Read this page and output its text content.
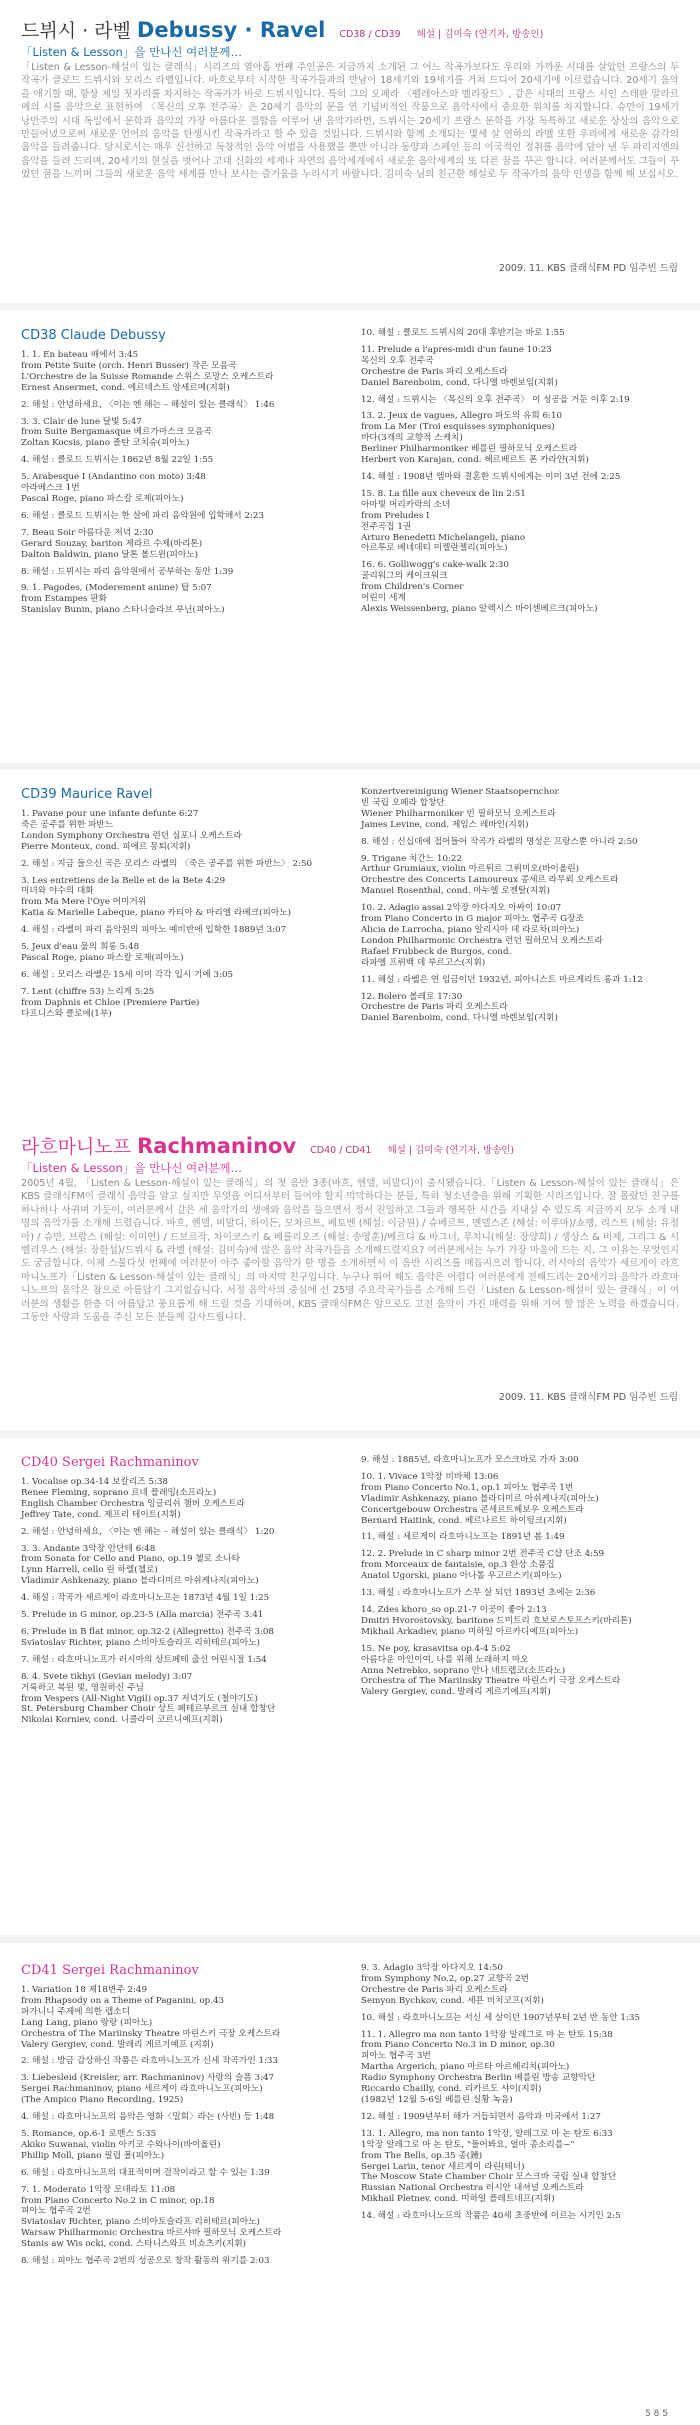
드뷔시 · 라벨 Debussy · Ravel CD38 / CD39 해설 | 김미숙 (연기자, 방송인)
「Listen & Lesson」을 만나신 여러분께…

「Listen & Lesson-해설이 있는 클래식」시리즈의 열아홉 번째 주인공은 지금까지 소개된 그 어느 작곡가보다도 우리와 가까운 시대를 살았던 프랑스의 두 작곡가 클로드 드뷔시와 모리스 라벨입니다. 바흐로부터 시작한 작곡가들과의 만남이 18세기와 19세기를 거쳐 드디어 20세기에 이르렀습니다. 20세기 음악을 애기할 때, 항상 제일 첫자리를 차지하는 작곡가가 바로 드뷔시입니다. 특히 그의 오페라 〈펠레아스와 멜리장드〉, 같은 시대의 프랑스 시인 스테판 말라르메의 시를 음악으로 표현하여 〈목신의 오후 전주곡〉은 20세기 음악의 문을 연 기념비적인 작품으로 음악사에서 중요한 위치를 차지합니다. 슈만이 19세기 낭만주의 시대 독일에서 문학과 음악의 가장 아름다운 결합을 이루어 낸 음악가라면, 드뷔시는 20세기 프랑스 문학을 가장 독특하고 새로운 상상의 음악으로 만들어냈으로써 새로운 언어의 음악을 탄생시킨 작곡가라고 할 수 있을 것입니다. 드뷔시와 함께 소개되는 몇세 살 연하의 라벨 또한 우리에게 새로운 감각의 음악을 들려줍니다. 당시로서는 매우 신선하고 독창적인 음악 어법을 사용했을 뿐만 아니라 동양과 스페인 등의 이국적인 정취를 음악에 담아 낸 두 파리지엔의 음악을 들려 드리며, 20세기의 현실을 벗어나 고대 신화의 세계나 자연의 음악세계에서 새로운 음악세계의 또 다른 꿈을 꾸곤 합니다. 여러분께서도 그들이 꾸었던 꿈을 느끼며 그들의 새로운 음악 세계를 만나 보시는 즐거움을 누리시기 바랍니다. 김미숙 님의 친근한 해설로 두 작곡가의 음악 인생을 함께 해 보십시오.

2009. 11. KBS 클래식FM PD 임주빈 드림
CD38 Claude Debussy
1. 1. En bateau 배에서 3:45
from Petite Suite (orch. Henri Busser) 작은 모음곡
L'Orchestre de la Suisse Romande 스위스 로망스 오케스트라
Ernest Ansermet, cond. 에르네스트 앙세르메(지휘)
2. 해설 : 안녕하세요, 〈이는 엔 해는 – 해설이 있는 클래식〉 1:46
3. 3. Clair de lune 달빛 5:47
from Suite Bergamasque 베르가마스크 모음곡
Zoltan Kocsis, piano 졸탄 코치슈(피아노)
4. 해설 : 클로드 드뷔시는 1862년 8월 22일 1:55
5. Arabesque I (Andantino con moto) 3:48
아라베스크 1번
Pascal Roge, piano 파스칼 로제(피아노)
6. 해설 : 클로드 드뷔시는 한 살에 파리 음악원에 입학해서 2:23
7. Beau Soir 아름다운 저녁 2:30
Gerard Souzay, bariton 제라르 수제(바리톤)
Dalton Baldwin, piano 달톤 볼드윈(피아노)
8. 해설 : 드뷔시는 파리 음악원에서 공부하는 동안 1:39
9. 1. Pagodes, (Moderement anime) 탑 5:07
from Estampes 판화
Stanislav Bunin, piano 스타니슬라브 부닌(피아노)
10. 해설 : 클로드 드뷔시의 20대 후반기는 바로 1:55
11. Prelude a l'apres-midi d'un faune 10:23
목신의 오후 전주곡
Orchestre de Paris 파리 오케스트라
Daniel Barenboim, cond. 다니엘 바렌보임(지휘)
12. 해설 : 드뷔시는 〈목신의 오후 전주곡〉 이 성공을 거둔 이후 2:19
13. 2. Jeux de vagues, Allegro 파도의 유희 6:10
from La Mer (Troi esquisses symphoniques)
바다(3개의 교향적 스케치)
Berliner Philharmoniker 베를린 필하모닉 오케스트라
Herbert von Karajan, cond. 헤르베르트 폰 카라얀(지휘)
14. 해설 : 1908년 엠마와 결혼한 드뷔시에게는 이미 3년 전에 2:25
15. 8. La fille aux cheveux de lin 2:51
아마빛 머리카락의 소녀
from Preludes I
전주곡집 1권
Arturo Benedetti Michelangeli, piano
아르투로 베네데티 미켈란젤리(피아노)
16. 6. Golliwogg's cake-walk 2:30
골리워그의 케이크워크
from Children's Corner
어린이 세계
Alexis Weissenberg, piano 알렉시스 바이센베르크(피아노)
CD39 Maurice Ravel
1. Pavane pour une infante defunte 6:27
죽은 공주를 위한 파반느
London Symphony Orchestra 런던 심포니 오케스트라
Pierre Monteux, cond. 피에르 몽퇴(지휘)
2. 해설 : 지금 들으신 곡은 모리스 라벨의 〈죽은 공주를 위한 파반느〉 2:50
3. Les entretiens de la Belle et de la Bete 4:29
미녀와 야수의 대화
from Ma Mere l'Oye 어미거위
Katia & Marielle Labeque, piano 카티아 & 마리엘 라베크(피아노)
4. 해설 : 라벨이 파리 음악원의 피아노 예비반에 입학한 1889년 3:07
5. Jeux d'eau 물의 희롱 5:48
Pascal Roge, piano 파스칼 로제(피아노)
6. 해설 : 모리스 라벨은 15세 이미 각각 입시 기예 3:05
7. Lent (chiffre 53) 느리게 5:25
from Daphnis et Chloe (Premiere Partie)
다프니스와 클로에(1부)
Konzertvereinigung Wiener Staatsopernchor
빈 국립 오페라 합창단
Wiener Philharmoniker 빈 필하모닉 오케스트라
James Levine, cond. 제임스 레바인(지휘)
8. 해설 : 신십대에 접어들어 작곡가 라벨의 명성은 프랑스뿐 아니라 2:50
9. Trigane 치간느 10:22
Arthur Grumiaux, violin 아르튀르 그뤼미오(바이올린)
Orchestre des Concerts Lamoureux 콩세르 라무뢰 오케스트라
Manuel Rosenthal, cond. 마누엘 로젠탈(지휘)
10. 2. Adagio assai 2악장 아다지오 아싸이 10:07
from Piano Concerto in G major 피아노 협주곡 G장조
Alicia de Larrocha, piano 알리시아 데 라로차(피아노)
London Philharmonic Orchestra 런던 필하모닉 오케스트라
Rafael Frubbeck de Burgos, cond.
라파엘 프뤼백 데 부르고스(지휘)
11. 해설 : 라벨은 연 임금이던 1932년, 피아니스트 마르게리트 롱과 1:12
12. Bolero 볼레로 17:30
Orchestre de Paris 파리 오케스트라
Daniel Barenboim, cond. 다니엘 바렌보임(지휘)
라흐마니노프 Rachmaninov CD40 / CD41 해설 | 김미숙 (연기자, 방송인)
「Listen & Lesson」을 만나신 여러분께…

2005년 4월, 「Listen & Lesson-해설이 있는 클래식」의 첫 음반 3종(바흐, 헨델, 비발디)이 출시됐습니다.「Listen & Lesson-해설이 있는 클래식」은 KBS 클래식FM이 클래식 음악을 알고 싶지만 무엇을 어디서부터 들어야 할지 막막하다는 분들, 특히 청소년층을 위해 기획한 시리즈입니다. 잘 몰랐던 친구를 하나하나 사귀며 가듯이, 여러분께서 같은 세 음악가의 생애와 음악을 들으면서 정서 친밀하고 그들과 행복한 시간을 지내실 수 있도록 지금까지 모두 소개 내 명의 음악가를 소개해 드렸습니다. 바흐, 헨델, 비발디, 하이든, 모차르트, 베토벤 (해설: 이금원) / 슈베르트, 멘델스존 (해설: 이루마)/쇼팽, 리스트 (해설: 유정아) / 슈만, 브람스 (해설: 이미연) / 드보르작, 차이코스키 & 베를리오즈 (해설: 송영훈)/베르디 & 바그너, 푸치니(해설: 장양희) / 생상스 & 비제, 그리그 & 시벨리우스 (해설: 장한섭)/드뷔시 & 라벨 (해설: 김미숙)에 많은 음악 작곡가들을 소개해드렸지요? 여러분께서는 누가 가장 마음에 드는 지, 그 이유는 무엇인지도 궁금합니다. 이제 스물다섯 번째에 여러분이 아주 좋아할 음악가 한 명을 소개하면서 이 음반 시리즈를 매듭지으려 합니다. 러시아의 음악가 세르게이 라흐마니노프가「Listen & Lesson-해설이 있는 클래식」의 마지막 친구입니다. 누구나 뛰어 해도 음악은 어렵다 여러분에게 전해드리는 20세기의 음악가 라흐마니노프의 음악은 참으로 아름답기 그지없습니다. 서정 음악사의 중심에 선 25명 주요작곡가들을 소개해 드린「Listen & Lesson-해설이 있는 클래식」이 여러분의 생활을 한층 더 아름답고 풍요롭게 해 드릴 것을 기대하며, KBS 클래식FM은 앞으로도 고전 음악이 가진 매력을 위해 기여 할 많은 노력을 하겠습니다. 그동안 사랑과 도움을 주신 모든 분들께 감사드립니다.

2009. 11. KBS 클래식FM PD 임주빈 드림
CD40 Sergei Rachmaninov
1. Vocalise op.34-14 보칼리즈 5:38
Renee Fleming, soprano 르네 플레밍(소프라노)
English Chamber Orchestra 잉글리쉬 챔버 오케스트라
Jeffrey Tate, cond. 제프리 테이트(지휘)
2. 해설 : 안녕하세요, 〈이는 엔 해는 – 해설이 있는 클래식〉 1:20
3. 3. Andante 3악장 안단테 6:48
from Sonata for Cello and Piano, op.19 첼로 소나타
Lynn Harrell, cello 린 하렐(첼로)
Vladimir Ashkenazy, piano 블라디미르 아쉬케나지(피아노)
4. 해설 : 작곡가 세르게이 라흐마니노프는 1873년 4월 1일 1:25
5. Prelude in G minor, op.23-5 (Alla marcia) 전주곡 3:41
6. Prelude in B flat minor, op.32-2 (Allegretto) 전주곡 3:08
Sviatoslav Richter, piano 스비아토슬라프 리히테르(피아노)
7. 해설 : 라흐마니노프가 러시아의 상트페테 출신 어린시절 1:54
8. 4. Svete tikhyi (Gevian melody) 3:07
거룩하고 복된 빛, 영원하신 주님
from Vespers (All-Night Vigil) op.37 저녁기도 (철야기도)
St. Petersburg Chamber Choir 상트 페테르부르크 실내 합창단
Nikolai Korniev, cond. 니콜라이 코르니예프(지휘)
9. 해설 : 1885년, 라흐마니노프가 모스크바로 가자 3:00
10. 1. Vivace 1악장 비바체 13:06
from Piano Concerto No.1, op.1 피아노 협주곡 1번
Vladimir Ashkenazy, piano 블라디미르 아쉬케나지(피아노)
Concertgebouw Orchestra 콘세르트헤보우 오케스트라
Bernard Haitink, cond. 베르나르트 하이팅크(지휘)
11. 해설 : 세르게이 라흐마니노프는 1891년 봄 1:49
12. 2. Prelude in C sharp minor 2번 전주곡 C샵 단조 4:59
from Morceaux de fantaisie, op.3 환상 소품집
Anatol Ugorski, piano 아나톨 우고르스키(피아노)
13. 해설 : 라흐마니노프가 스무 살 되던 1893년 초에는 2:36
14. Zdes khoro_so op.21-7 이곳이 좋아 2:13
Dmitri Hvorostovsky, baritone 드미트리 흐보로스토프스키(바리톤)
Mikhail Arkadiev, piano 미하일 아르카디예프(피아노)
15. Ne poy, krasavitsa op.4-4 5:02
아름다운 아인이여, 나를 위해 노래하지 마오
Anna Netrebko, soprano 안나 네트렙코(소프라노)
Orchestra of The Mariinsky Theatre 마린스키 극장 오케스트라
Valery Gergiev, cond. 발레리 게르기예프(지휘)
CD41 Sergei Rachmaninov
1. Variation 18 제18변주 2:49
from Rhapsody on a Theme of Paganini, op.43
파가니니 주제에 의한 랩소디
Lang Lang, piano 랑랑 (피아노)
Orchestra of The Mariinsky Theatre 마린스키 극장 오케스트라
Valery Gergiev, cond. 발레리 게르기예프 (지휘)
2. 해설 : 방금 감상하신 작품은 라흐마니노프가 신세 작곡가인 1:33
3. Liebesleid (Kreisler, arr. Rachmaninov) 사랑의 슬픔 3:47
Sergei Rachmaninov, piano 세르게이 라흐마니노프(피아노)
(The Ampico Piano Recording, 1925)
4. 해설 : 라흐마니노프의 음악은 영화〈밀회〉라는 (사빈) 등 1:48
5. Romance, op.6-1 로맨스 5:35
Akiko Suwanai, violin 아키코 수와나이(바이올린)
Phillip Moll, piano 필립 몰(피아노)
6. 해설 : 라흐마니노프의 대표적이며 걸작이라고 할 수 있는 1:39
7. 1. Moderato 1악장 모데라토 11:08
from Piano Concerto No.2 in C minor, op.18
피아노 협주곡 2번
Sviatoslav Richter, piano 스비아토슬라프 리히테르(피아노)
Warsaw Philharmonic Orchestra 바르샤바 필하모닉 오케스트라
Stanis aw Wis ocki, cond. 스타니스와프 비쇼츠키(지휘)
8. 해설 : 피아노 협주곡 2번의 성공으로 창작 활동의 위기를 2:03
9. 3. Adagio 3악장 아다지오 14:50
from Symphony No.2, op.27 교향곡 2번
Orchestre de Paris 파리 오케스트라
Semyon Bychkov, cond. 세묜 비치코프(지휘)
10. 해설 : 라흐마니노프는 서신 세 살이던 1907년부터 2년 반 동안 1:35
11. 1. Allegro ma non tanto 1악장 알레그로 마 논 탄토 15:38
from Piano Concerto No.3 in D minor, op.30
피아노 협주곡 3번
Martha Argerich, piano 마르타 아르헤리치(피아노)
Radio Symphony Orchestra Berlin 베를린 방송 교향악단
Riccardo Chailly, cond. 리카르도 샤이(지휘)
(1982년 12월 5-6일 베를린 실황 녹음)
12. 해설 : 1909년부터 해가 거듭되면서 음악과 미국에서 1:27
13. 1. Allegro, ma non tanto 1악장, 알레그로 마 논 탄토 6:33
1악장 알레그로 마 논 탄토, "들어봐요, 얼마 종소리를~"
from The Bells, op.35 종(鐘)
Sergei Larin, tenor 세르게이 라린(테너)
The Moscow State Chamber Choir 모스크바 국립 실내 합창단
Russian National Orchestra 러시안 내셔널 오케스트라
Mikhail Pletnev, cond. 미하일 플레트네프(지휘)
14. 해설 : 라흐마니노프의 작품은 40세 초중반에 이르는 시기인 2:5
5 8 5
